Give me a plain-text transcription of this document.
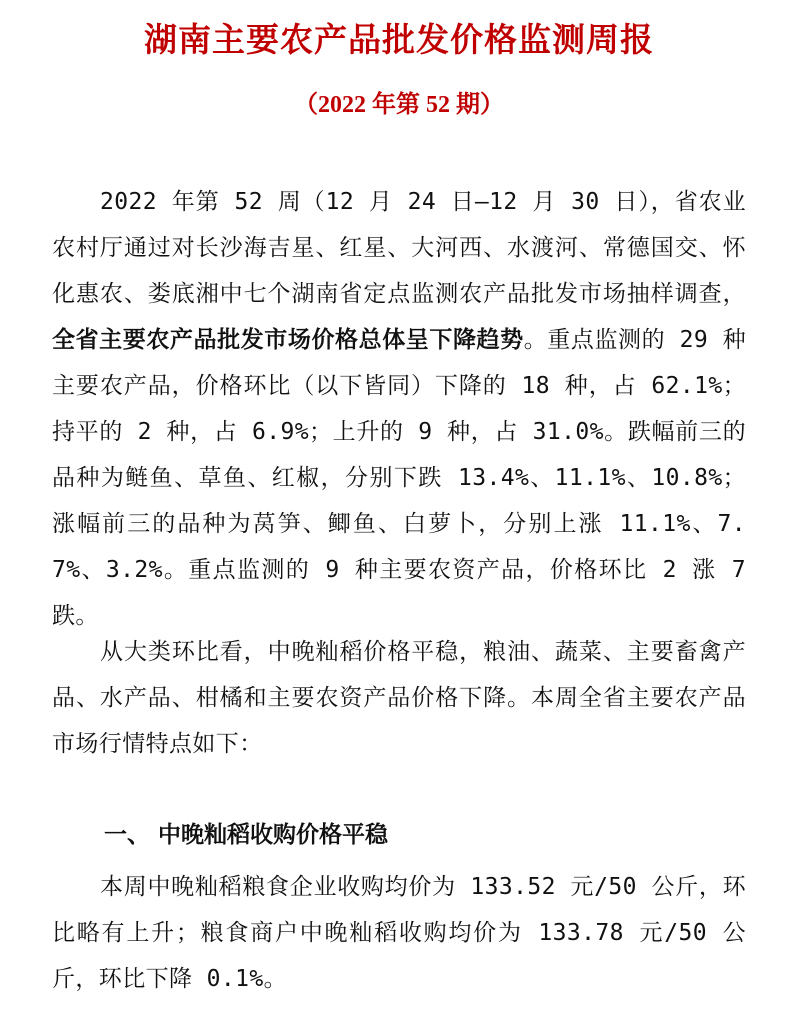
湖南主要农产品批发价格监测周报
（2022 年第 52 期）

2022 年第 52 周（12 月 24 日—12 月 30 日），省农业农村厅通过对长沙海吉星、红星、大河西、水渡河、常德国交、怀化惠农、娄底湘中七个湖南省定点监测农产品批发市场抽样调查，全省主要农产品批发市场价格总体呈下降趋势。重点监测的 29 种主要农产品，价格环比（以下皆同）下降的 18 种，占 62.1%；持平的 2 种，占 6.9%；上升的 9 种，占 31.0%。跌幅前三的品种为鲢鱼、草鱼、红椒，分别下跌 13.4%、11.1%、10.8%；涨幅前三的品种为莴笋、鲫鱼、白萝卜，分别上涨 11.1%、7.7%、3.2%。重点监测的 9 种主要农资产品，价格环比 2 涨 7 跌。

从大类环比看，中晚籼稻价格平稳，粮油、蔬菜、主要畜禽产品、水产品、柑橘和主要农资产品价格下降。本周全省主要农产品市场行情特点如下：

一、 中晚籼稻收购价格平稳

本周中晚籼稻粮食企业收购均价为 133.52 元/50 公斤，环比略有上升；粮食商户中晚籼稻收购均价为 133.78 元/50 公斤，环比下降 0.1%。
